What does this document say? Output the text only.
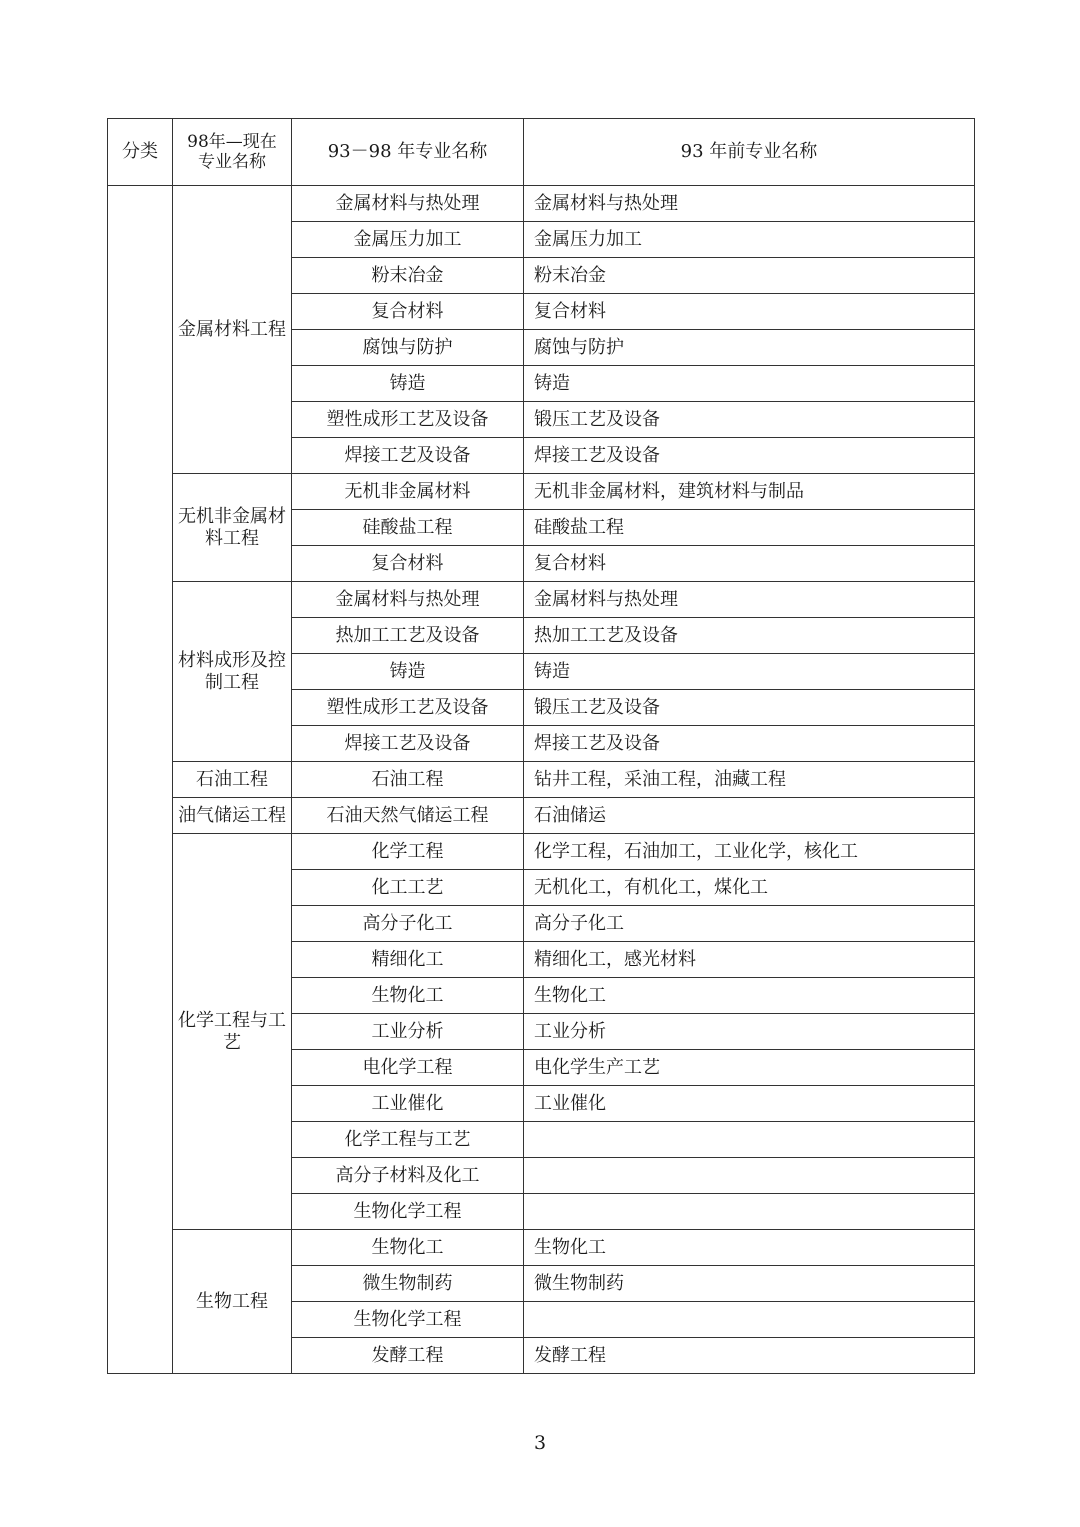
分类	98年—现在专业名称	93－98 年专业名称	93 年前专业名称
	金属材料工程	金属材料与热处理	金属材料与热处理
		金属压力加工	金属压力加工
		粉末冶金	粉末冶金
		复合材料	复合材料
		腐蚀与防护	腐蚀与防护
		铸造	铸造
		塑性成形工艺及设备	锻压工艺及设备
		焊接工艺及设备	焊接工艺及设备
	无机非金属材料工程	无机非金属材料	无机非金属材料，建筑材料与制品
		硅酸盐工程	硅酸盐工程
		复合材料	复合材料
	材料成形及控制工程	金属材料与热处理	金属材料与热处理
		热加工工艺及设备	热加工工艺及设备
		铸造	铸造
		塑性成形工艺及设备	锻压工艺及设备
		焊接工艺及设备	焊接工艺及设备
	石油工程	石油工程	钻井工程，采油工程，油藏工程
	油气储运工程	石油天然气储运工程	石油储运
	化学工程与工艺	化学工程	化学工程，石油加工，工业化学，核化工
		化工工艺	无机化工，有机化工，煤化工
		高分子化工	高分子化工
		精细化工	精细化工，感光材料
		生物化工	生物化工
		工业分析	工业分析
		电化学工程	电化学生产工艺
		工业催化	工业催化
		化学工程与工艺	
		高分子材料及化工	
		生物化学工程	
	生物工程	生物化工	生物化工
		微生物制药	微生物制药
		生物化学工程	
		发酵工程	发酵工程
3
